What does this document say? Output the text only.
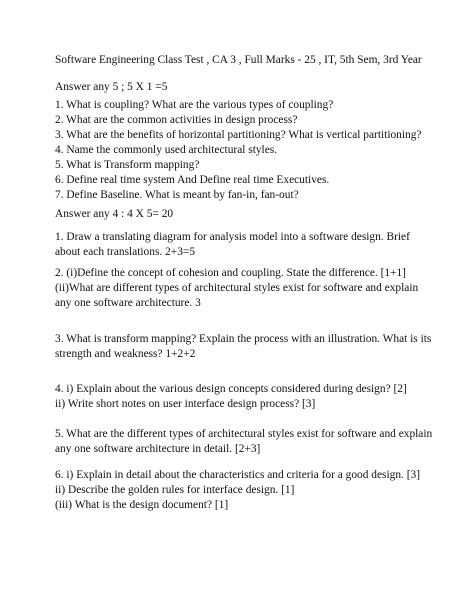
Software Engineering Class Test , CA 3 , Full Marks - 25 , IT, 5th Sem, 3rd Year
Answer any 5 ; 5 X 1 =5
1. What is coupling? What are the various types of coupling?
2. What are the common activities in design process?
3. What are the benefits of horizontal partitioning? What is vertical partitioning?
4. Name the commonly used architectural styles.
5. What is Transform mapping?
6. Define real time system And Define real time Executives.
7. Define Baseline. What is meant by fan-in, fan-out?
Answer any 4 : 4 X 5= 20
1. Draw a translating diagram for analysis model into a software design. Brief
about each translations. 2+3=5
2. (i)Define the concept of cohesion and coupling. State the difference. [1+1]
(ii)What are different types of architectural styles exist for software and explain
any one software architecture. 3
3. What is transform mapping? Explain the process with an illustration. What is its
strength and weakness? 1+2+2
4. i) Explain about the various design concepts considered during design? [2]
ii) Write short notes on user interface design process? [3]
5. What are the different types of architectural styles exist for software and explain
any one software architecture in detail. [2+3]
6. i) Explain in detail about the characteristics and criteria for a good design. [3]
ii) Describe the golden rules for interface design. [1]
(iii) What is the design document? [1]
